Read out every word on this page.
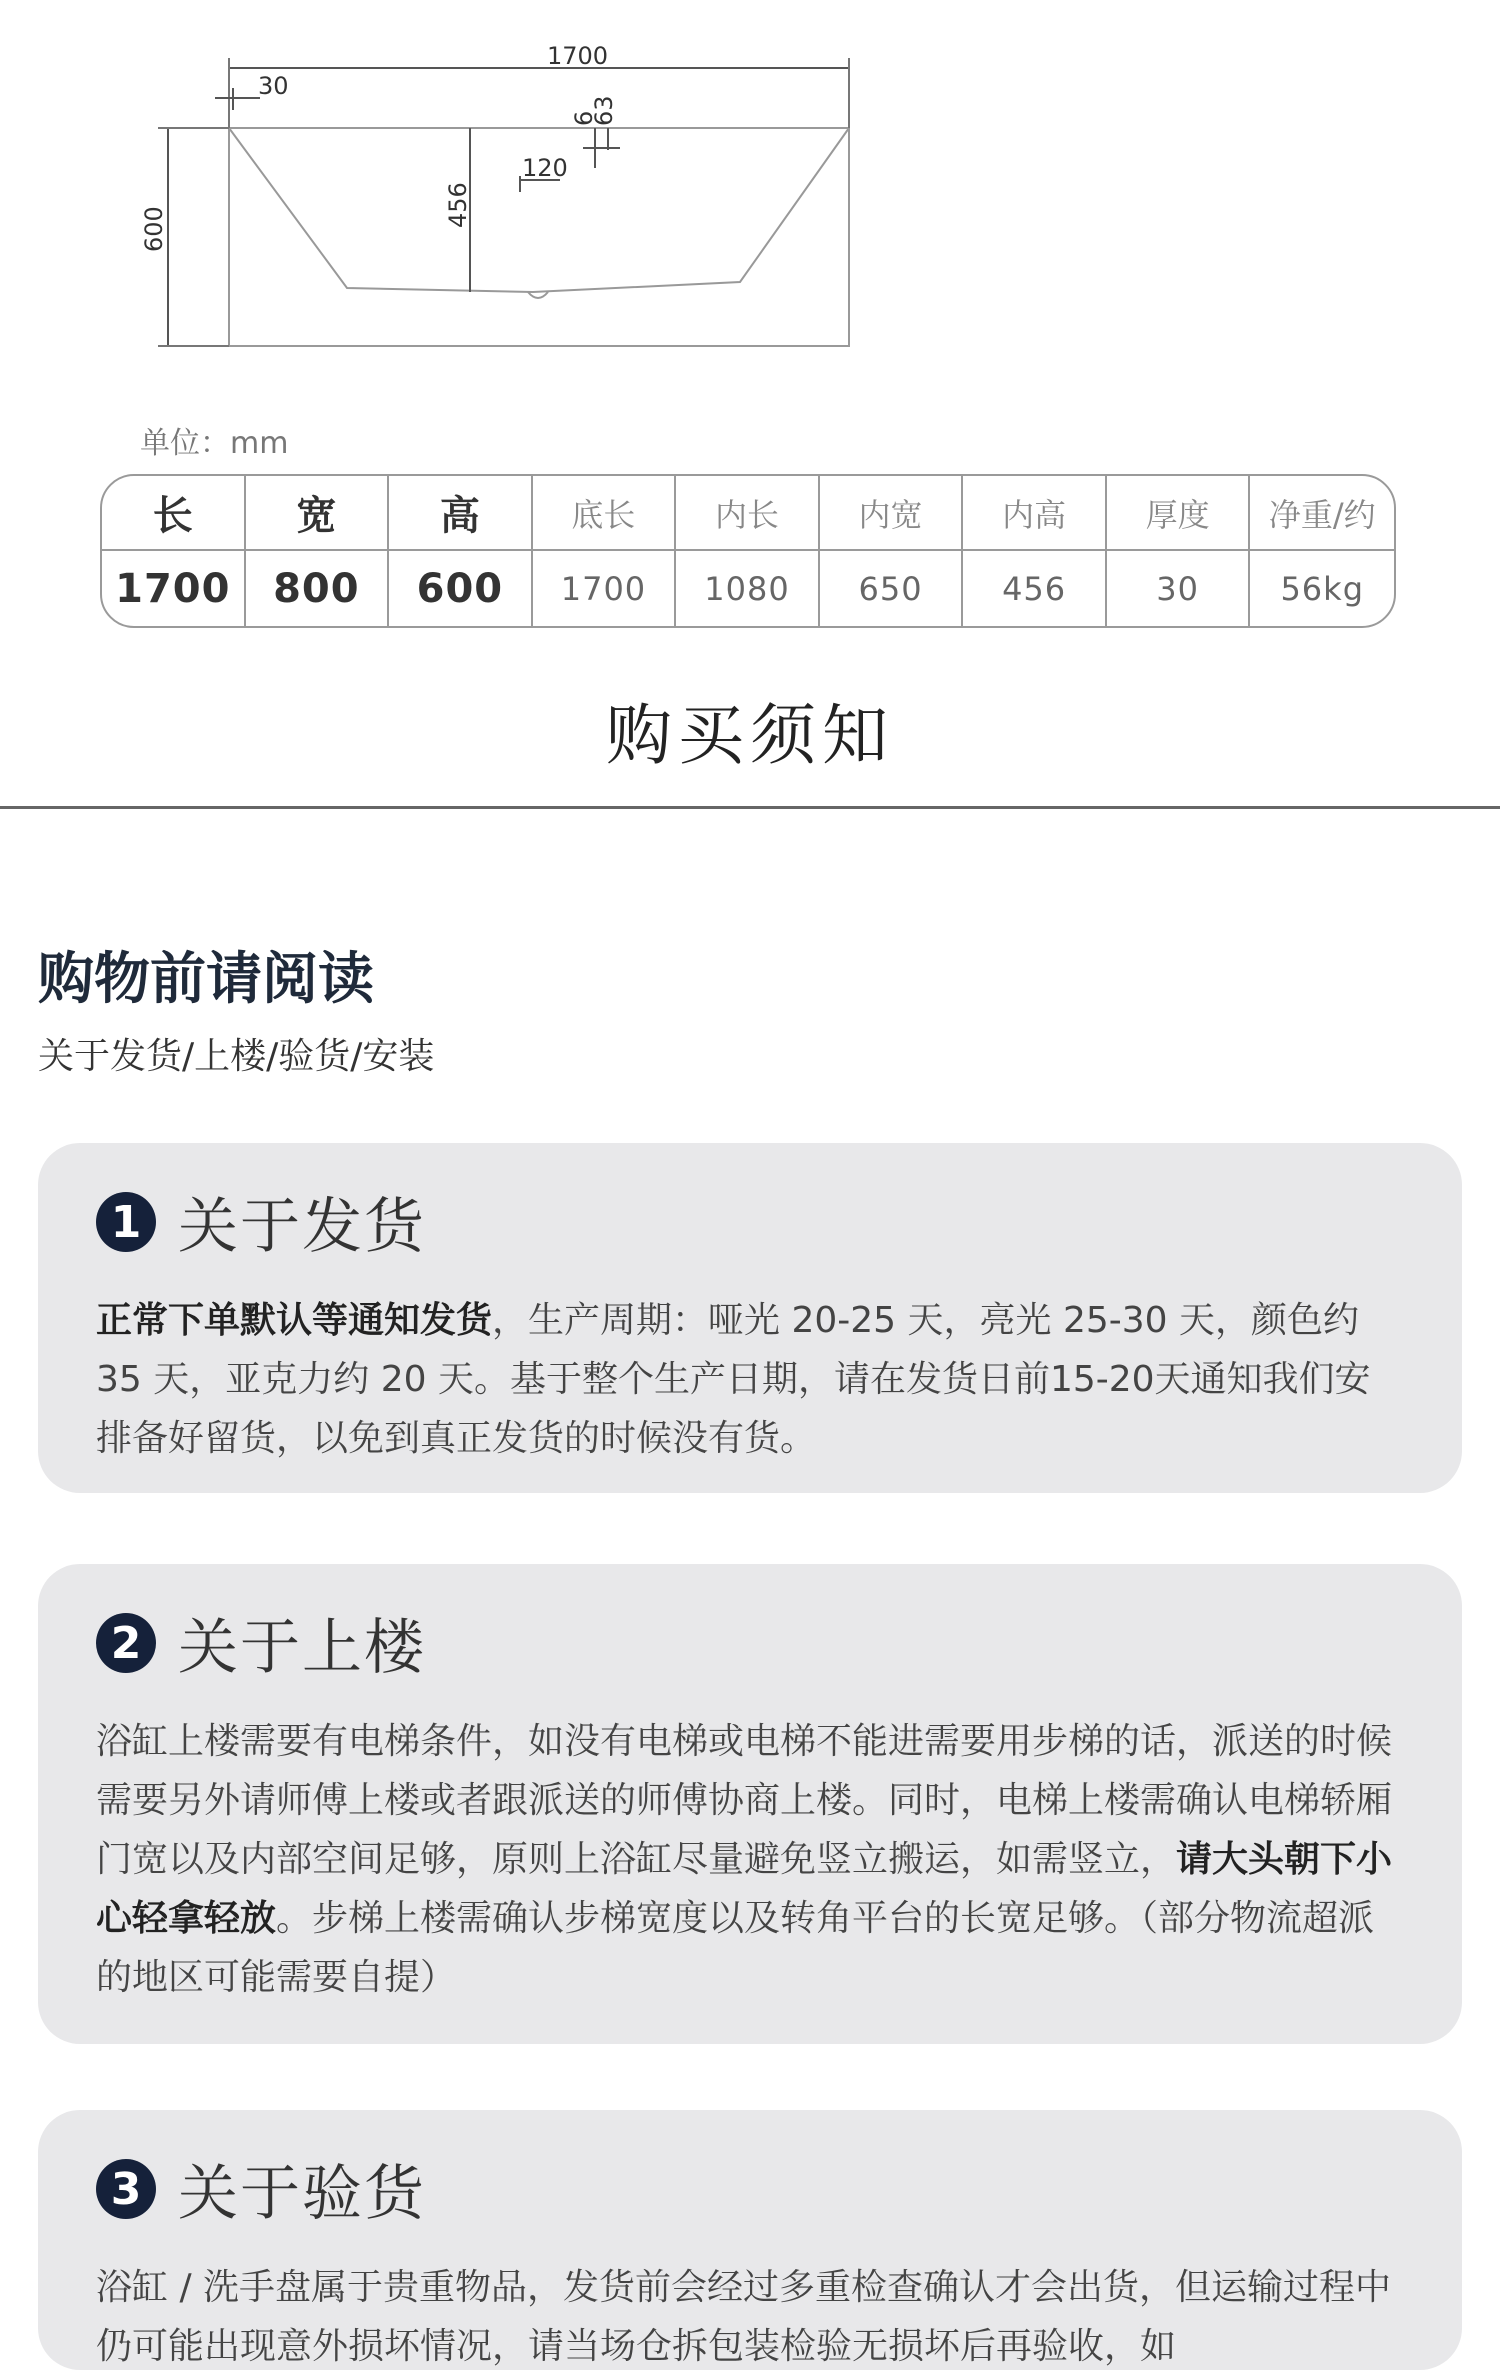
1700
30
6
63
120
456
600
单位：mm
长	宽	高	底长	内长	内宽	内高	厚度	净重/约
1700	800	600	1700	1080	650	456	30	56kg
购买须知
购物前请阅读
关于发货/上楼/验货/安装
1 关于发货
正常下单默认等通知发货，生产周期：哑光 20-25 天，亮光 25-30 天，颜色约 35 天，亚克力约 20 天。基于整个生产日期，请在发货日前15-20天通知我们安排备好留货，以免到真正发货的时候没有货。
2 关于上楼
浴缸上楼需要有电梯条件，如没有电梯或电梯不能进需要用步梯的话，派送的时候需要另外请师傅上楼或者跟派送的师傅协商上楼。同时，电梯上楼需确认电梯轿厢门宽以及内部空间足够，原则上浴缸尽量避免竖立搬运，如需竖立，请大头朝下小心轻拿轻放。步梯上楼需确认步梯宽度以及转角平台的长宽足够。（部分物流超派的地区可能需要自提）
3 关于验货
浴缸 / 洗手盘属于贵重物品，发货前会经过多重检查确认才会出货，但运输过程中仍可能出现意外损坏情况，请当场仓拆包装检验无损坏后再验收，如
